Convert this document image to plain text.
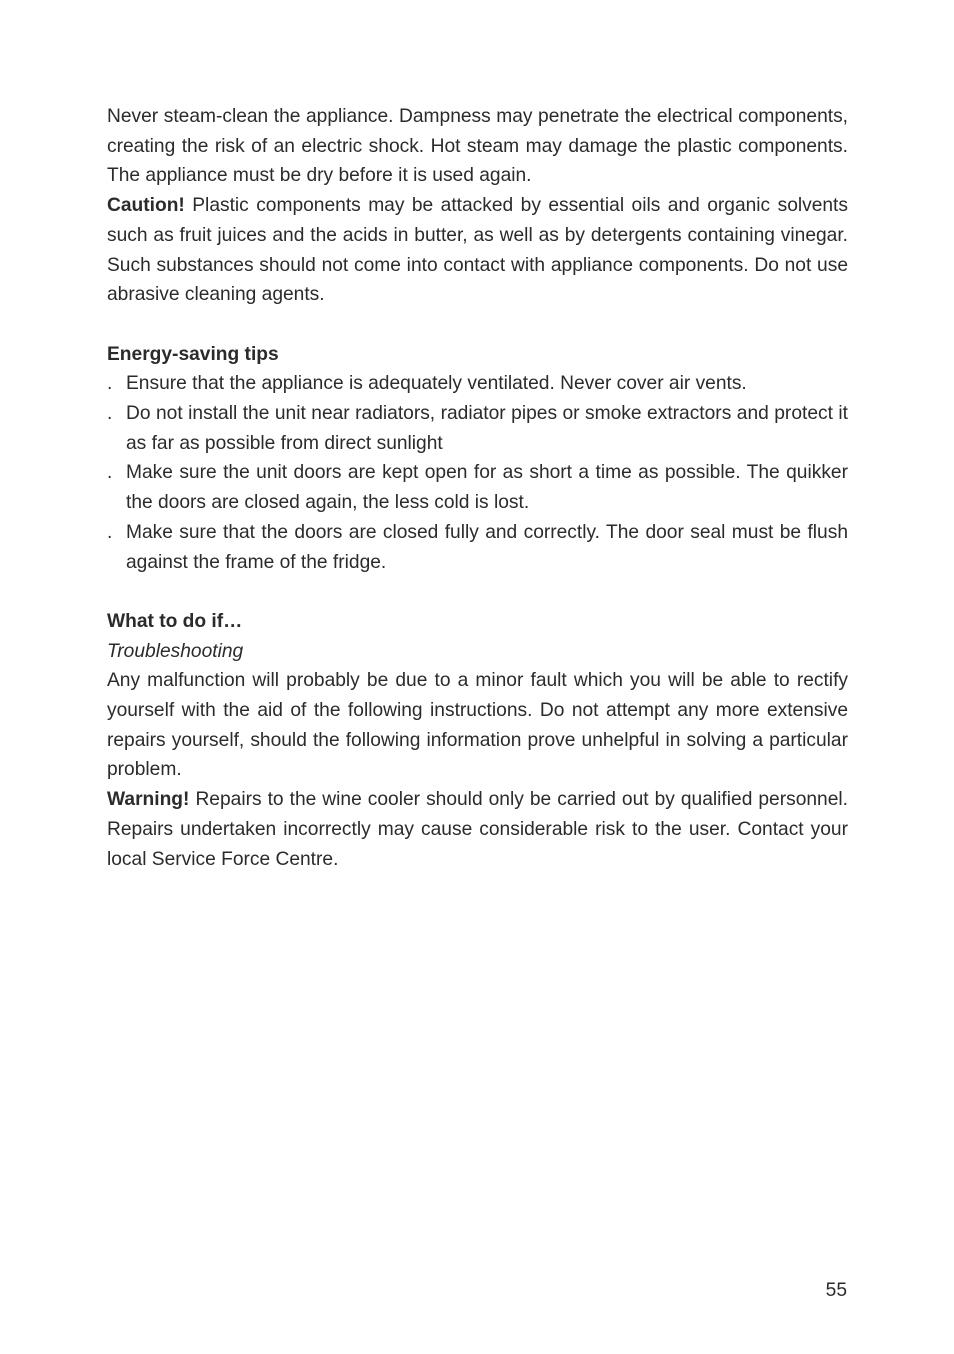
Never steam-clean the appliance. Dampness may penetrate the electrical components, creating the risk of an electric shock. Hot steam may damage the plastic components. The appliance must be dry before it is used again.

Caution! Plastic components may be attacked by essential oils and organic solvents such as fruit juices and the acids in butter, as well as by detergents containing vinegar. Such substances should not come into contact with appliance components. Do not use abrasive cleaning agents.

Energy-saving tips

. Ensure that the appliance is adequately ventilated. Never cover air vents.
. Do not install the unit near radiators, radiator pipes or smoke extractors and protect it as far as possible from direct sunlight
. Make sure the unit doors are kept open for as short a time as possible. The quikker the doors are closed again, the less cold is lost.
. Make sure that the doors are closed fully and correctly. The door seal must be flush against the frame of the fridge.

What to do if…

Troubleshooting

Any malfunction will probably be due to a minor fault which you will be able to rectify yourself with the aid of the following instructions. Do not attempt any more extensive repairs yourself, should the following information prove unhelpful in solving a particular problem.

Warning! Repairs to the wine cooler should only be carried out by qualified personnel. Repairs undertaken incorrectly may cause considerable risk to the user. Contact your local Service Force Centre.

55
